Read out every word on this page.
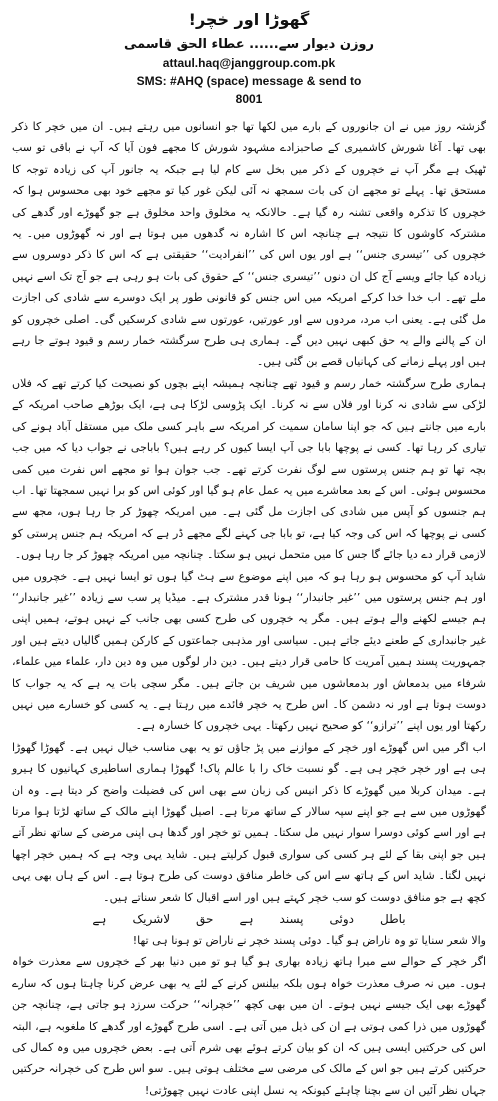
گھوڑا اور خچر!
روزن دیوار سے...... عطاء الحق قاسمی
attaul.haq@janggroup.com.pk
SMS: #AHQ (space) message & send to 8001

گزشتہ روز میں نے ان جانوروں کے بارے میں لکھا تھا جو انسانوں میں رہتے ہیں۔ ان میں خچر کا ذکر بھی تھا۔ آغا شورش کاشمیری کے صاحبزادے مشہود شورش کا مجھے فون آیا کہ آپ نے باقی تو سب ٹھیک ہے مگر آپ نے خچروں کے ذکر میں بخل سے کام لیا ہے جبکہ یہ جانور آپ کی زیادہ توجہ کا مستحق تھا۔ پہلے تو مجھے ان کی بات سمجھ نہ آئی لیکن غور کیا تو مجھے خود بھی محسوس ہوا کہ خچروں کا تذکرہ واقعی تشنہ رہ گیا ہے۔ حالانکہ یہ مخلوق واحد مخلوق ہے جو گھوڑے اور گدھے کی مشترکہ کاوشوں کا نتیجہ ہے چنانچہ اس کا اشارہ نہ گدھوں میں ہوتا ہے اور نہ گھوڑوں میں۔ یہ خچروں کی ’’تیسری جنس‘‘ ہے اور یوں اس کی ’’انفرادیت‘‘ حقیقتی ہے کہ اس کا ذکر دوسروں سے زیادہ کیا جائے ویسے آج کل ان دنوں ’’تیسری جنس‘‘ کے حقوق کی بات ہو رہی ہے جو آج تک اسے نہیں ملے تھے۔ اب خدا خدا کرکے امریکہ میں اس جنس کو قانونی طور پر ایک دوسرے سے شادی کی اجازت مل گئی ہے۔ یعنی اب مرد، مردوں سے اور عورتیں، عورتوں سے شادی کرسکیں گی۔ اصلی خچروں کو ان کے پالنے والے یہ حق کبھی نہیں دیں گے۔ ہماری ہی طرح سرگشتہ خمار رسم و قیود ہوتے جا رہے ہیں اور پہلے زمانے کی کہانیاں قصے بن گئی ہیں۔

ہماری طرح سرگشتہ خمار رسم و قیود تھے چنانچہ ہمیشہ اپنے بچوں کو نصیحت کیا کرتے تھے کہ فلاں لڑکی سے شادی نہ کرنا اور فلاں سے نہ کرنا۔ ایک پڑوسی لڑکا ہی ہے، ایک بوڑھے صاحب امریکہ کے بارے میں جانتے ہیں کہ جو اپنا سامان سمیت کر امریکہ سے باہر کسی ملک میں مستقل آباد ہونے کی تیاری کر رہا تھا۔ کسی نے پوچھا بابا جی آپ ایسا کیوں کر رہے ہیں؟ باباجی نے جواب دیا کہ میں جب بچہ تھا تو ہم جنس پرستوں سے لوگ نفرت کرتے تھے۔ جب جوان ہوا تو مجھے اس نفرت میں کمی محسوس ہوئی۔ اس کے بعد معاشرے میں یہ عمل عام ہو گیا اور کوئی اس کو برا نہیں سمجھتا تھا۔ اب ہم جنسوں کو آپس میں شادی کی اجازت مل گئی ہے۔ میں امریکہ چھوڑ کر جا رہا ہوں، مجھ سے کسی نے پوچھا کہ اس کی وجہ کیا ہے، تو بابا جی کہنے لگے مجھے ڈر ہے کہ امریکہ ہم جنس پرستی کو لازمی قرار دے دیا جائے گا جس کا میں متحمل نہیں ہو سکتا۔ چنانچہ میں امریکہ چھوڑ کر جا رہا ہوں۔

شاید آپ کو محسوس ہو رہا ہو کہ میں اپنے موضوع سے ہٹ گیا ہوں تو ایسا نہیں ہے۔ خچروں میں اور ہم جنس پرستوں میں ’’غیر جانبدار‘‘ ہونا قدر مشترک ہے۔ میڈیا پر سب سے زیادہ ’’غیر جانبدار‘‘ ہم جیسے لکھنے والے ہوتے ہیں۔ مگر یہ خچروں کی طرح کسی بھی جانب کے نہیں ہوتے، ہمیں اپنی غیر جانبداری کے طعنے دیئے جاتے ہیں۔ سیاسی اور مذہبی جماعتوں کے کارکن ہمیں گالیاں دیتے ہیں اور جمہوریت پسند ہمیں آمریت کا حامی قرار دیتے ہیں۔ دین دار لوگوں میں وہ دین دار، علماء میں علماء، شرفاء میں بدمعاش اور بدمعاشوں میں شریف بن جاتے ہیں۔ مگر سچی بات یہ ہے کہ یہ جواب کا دوست ہوتا ہے اور نہ دشمن کا۔ اس طرح یہ خچر فائدے میں رہتا ہے۔ یہ کسی کو خسارے میں نہیں رکھتا اور یوں اپنے ’’ترازو‘‘ کو صحیح نہیں رکھتا۔ یہی خچروں کا خسارہ ہے۔

اب اگر میں اس گھوڑے اور خچر کے موازنے میں پڑ جاؤں تو یہ بھی مناسب خیال نہیں ہے۔ گھوڑا گھوڑا ہی ہے اور خچر خچر ہی ہے۔ گو نسبت خاک را با عالم پاک! گھوڑا ہماری اساطیری کہانیوں کا ہیرو ہے۔ میدان کربلا میں گھوڑے کا ذکر انیس کی زبان سے بھی اس کی فضیلت واضح کر دیتا ہے۔ وہ ان گھوڑوں میں سے ہے جو اپنے سپہ سالار کے ساتھ مرتا ہے۔ اصیل گھوڑا اپنے مالک کے ساتھ لڑتا ہوا مرتا ہے اور اسے کوئی دوسرا سوار نہیں مل سکتا۔ ہمیں تو خچر اور گدھا ہی اپنی مرضی کے ساتھ نظر آتے ہیں جو اپنی بقا کے لئے ہر کسی کی سواری قبول کرلیتے ہیں۔ شاید یہی وجہ ہے کہ ہمیں خچر اچھا نہیں لگتا۔ شاید اس کے ہاتھ سے اس کی خاطر منافق دوست کی طرح ہوتا ہے۔ اس کے ہاں بھی یہی کچھ ہے جو منافق دوست کو سب خچر کہتے ہیں اور اسے اقبال کا شعر سناتے ہیں۔

باطل
دوئی
پسند
ہے
حق
لاشریک
ہے

والا شعر سنایا تو وہ ناراض ہو گیا۔ دوئی پسند خچر نے ناراض تو ہونا ہی تھا!

اگر خچر کے حوالے سے میرا ہاتھ زیادہ بھاری ہو گیا ہو تو میں دنیا بھر کے خچروں سے معذرت خواہ ہوں۔ میں نہ صرف معذرت خواہ ہوں بلکہ بیلنس کرنے کے لئے یہ بھی عرض کرنا چاہتا ہوں کہ سارے گھوڑے بھی ایک جیسے نہیں ہوتے۔ ان میں بھی کچھ ’’خچرانہ‘‘ حرکت سرزد ہو جاتی ہے، چنانچہ جن گھوڑوں میں ذرا کمی ہوتی ہے ان کی ذیل میں آتی ہے۔ اسی طرح گھوڑے اور گدھے کا ملغوبہ ہے، البتہ اس کی حرکتیں ایسی ہیں کہ ان کو بیان کرتے ہوئے بھی شرم آتی ہے۔ بعض خچروں میں وہ کمال کی حرکتیں کرتے ہیں جو اس کے مالک کی مرضی سے مختلف ہوتی ہیں۔ سو اس طرح کی خچرانہ حرکتیں جہاں نظر آئیں ان سے بچنا چاہئے کیونکہ یہ نسل اپنی عادت نہیں چھوڑتی!
